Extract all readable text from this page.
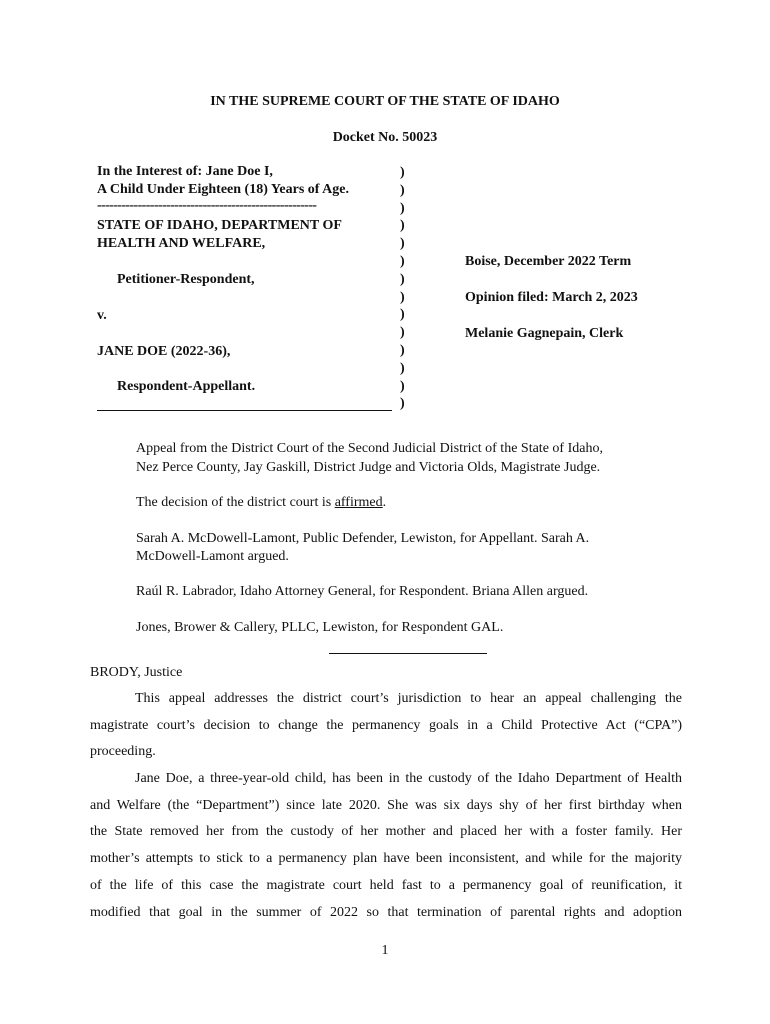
IN THE SUPREME COURT OF THE STATE OF IDAHO
Docket No. 50023
In the Interest of: Jane Doe I,
A Child Under Eighteen (18) Years of Age.
------------------------------------------------------
STATE OF IDAHO, DEPARTMENT OF
HEALTH AND WELFARE,
Petitioner-Respondent,
v.
JANE DOE (2022-36),
Respondent-Appellant.
)
)
)
)
)
)
)
)
)
)
)
)
)
)
Boise, December 2022 Term
Opinion filed: March 2, 2023
Melanie Gagnepain, Clerk
Appeal from the District Court of the Second Judicial District of the State of Idaho,
Nez Perce County, Jay Gaskill, District Judge and Victoria Olds, Magistrate Judge.
The decision of the district court is affirmed.
Sarah A. McDowell-Lamont, Public Defender, Lewiston, for Appellant. Sarah A.
McDowell-Lamont argued.
Raúl R. Labrador, Idaho Attorney General, for Respondent. Briana Allen argued.
Jones, Brower & Callery, PLLC, Lewiston, for Respondent GAL.
BRODY, Justice
This appeal addresses the district court’s jurisdiction to hear an appeal challenging the
magistrate court’s decision to change the permanency goals in a Child Protective Act (“CPA”)
proceeding.
Jane Doe, a three-year-old child, has been in the custody of the Idaho Department of Health
and Welfare (the “Department”) since late 2020. She was six days shy of her first birthday when
the State removed her from the custody of her mother and placed her with a foster family. Her
mother’s attempts to stick to a permanency plan have been inconsistent, and while for the majority
of the life of this case the magistrate court held fast to a permanency goal of reunification, it
modified that goal in the summer of 2022 so that termination of parental rights and adoption
1
